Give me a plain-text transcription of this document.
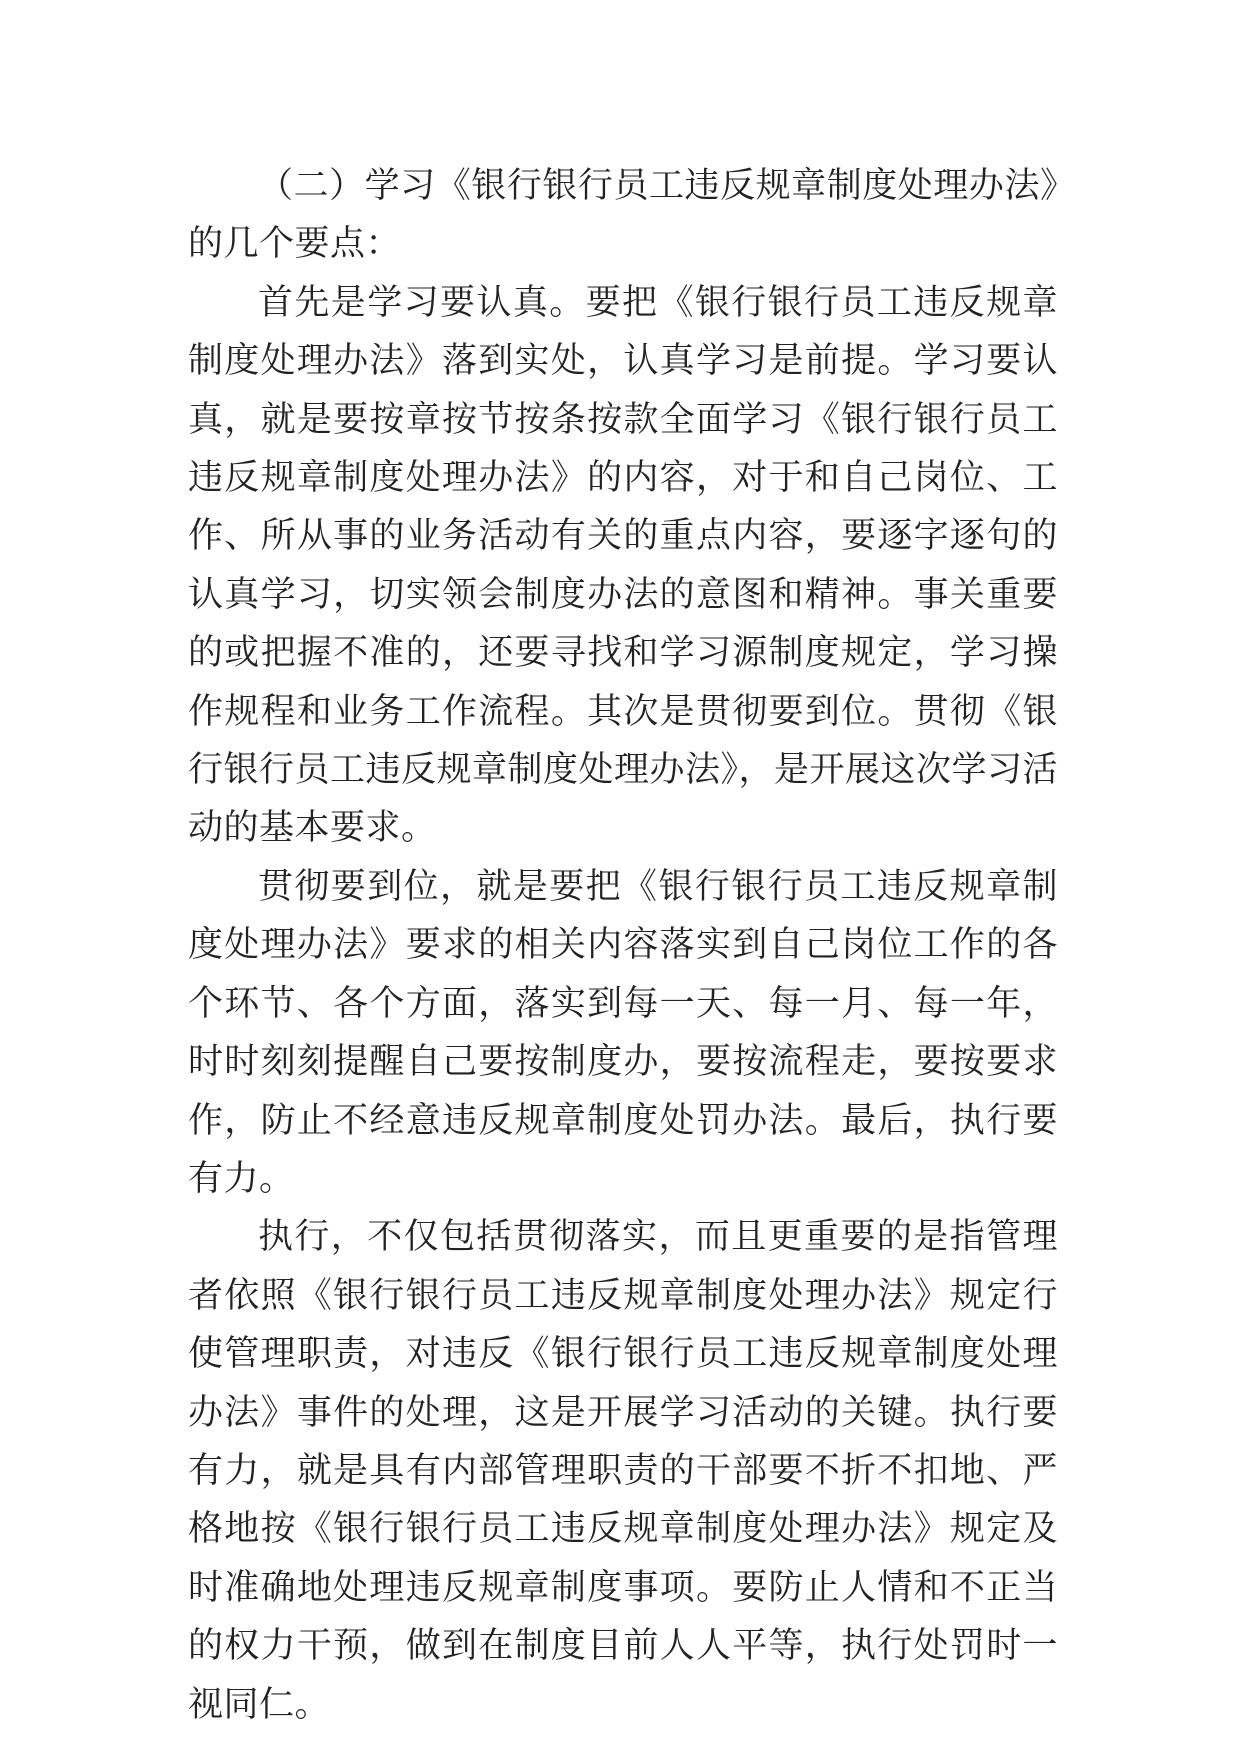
（二）学习《银行银行员工违反规章制度处理办法》的几个要点：

首先是学习要认真。要把《银行银行员工违反规章制度处理办法》落到实处，认真学习是前提。学习要认真，就是要按章按节按条按款全面学习《银行银行员工违反规章制度处理办法》的内容，对于和自己岗位、工作、所从事的业务活动有关的重点内容，要逐字逐句的认真学习，切实领会制度办法的意图和精神。事关重要的或把握不准的，还要寻找和学习源制度规定，学习操作规程和业务工作流程。其次是贯彻要到位。贯彻《银行银行员工违反规章制度处理办法》，是开展这次学习活动的基本要求。

贯彻要到位，就是要把《银行银行员工违反规章制度处理办法》要求的相关内容落实到自己岗位工作的各个环节、各个方面，落实到每一天、每一月、每一年，时时刻刻提醒自己要按制度办，要按流程走，要按要求作，防止不经意违反规章制度处罚办法。最后，执行要有力。

执行，不仅包括贯彻落实，而且更重要的是指管理者依照《银行银行员工违反规章制度处理办法》规定行使管理职责，对违反《银行银行员工违反规章制度处理办法》事件的处理，这是开展学习活动的关键。执行要有力，就是具有内部管理职责的干部要不折不扣地、严格地按《银行银行员工违反规章制度处理办法》规定及时准确地处理违反规章制度事项。要防止人情和不正当的权力干预，做到在制度目前人人平等，执行处罚时一视同仁。
